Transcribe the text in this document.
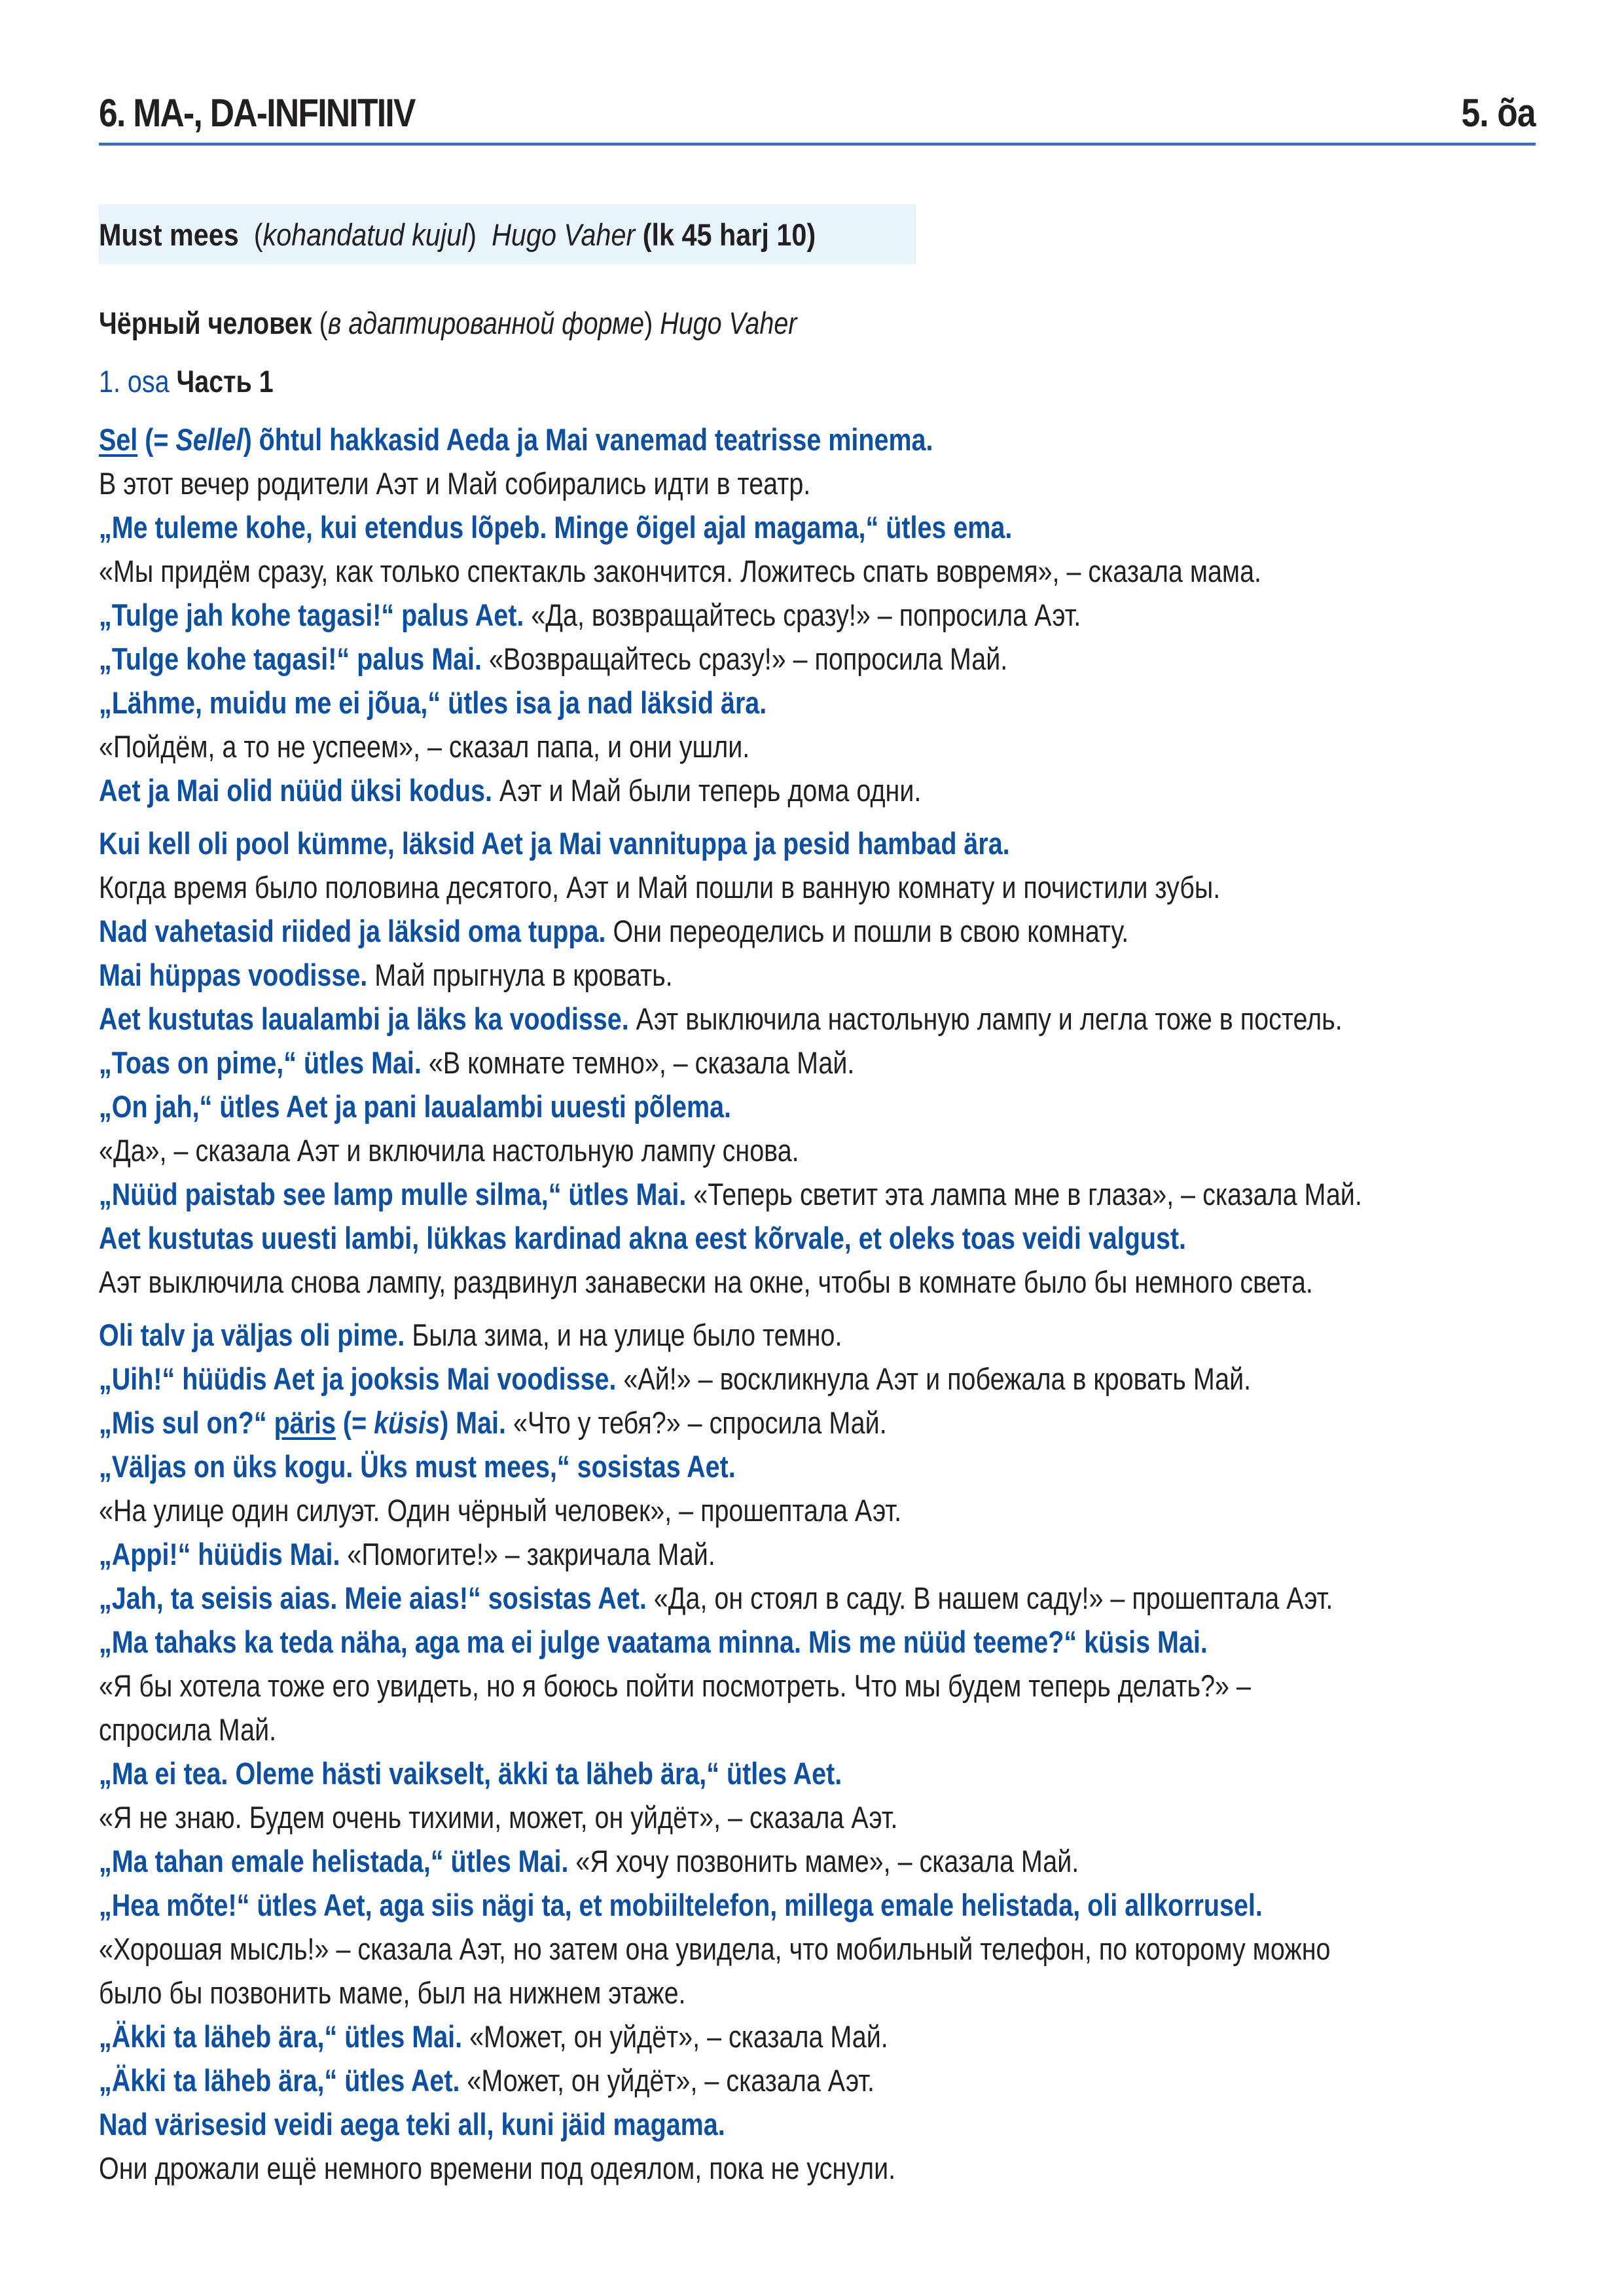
6. MA-, DA-INFINITIIV	5. õa
Must mees  (kohandatud kujul)  Hugo Vaher (lk 45 harj 10)
Чёрный человек (в адаптированной форме) Hugo Vaher
1. osa Часть 1
Sel (= Sellel) õhtul hakkasid Aeda ja Mai vanemad teatrisse minema.
В этот вечер родители Аэт и Май собирались идти в театр.
„Me tuleme kohe, kui etendus lõpeb. Minge õigel ajal magama,“ ütles ema.
«Мы придём сразу, как только спектакль закончится. Ложитесь спать вовремя», – сказала мама.
„Tulge jah kohe tagasi!“ palus Aet. «Да, возвращайтесь сразу!» – попросила Аэт.
„Tulge kohe tagasi!“ palus Mai. «Возвращайтесь сразу!» – попросила Май.
„Lähme, muidu me ei jõua,“ ütles isa ja nad läksid ära.
«Пойдём, а то не успеем», – сказал папа, и они ушли.
Aet ja Mai olid nüüd üksi kodus. Аэт и Май были теперь дома одни.
Kui kell oli pool kümme, läksid Aet ja Mai vannituppa ja pesid hambad ära.
Когда время было половина десятого, Аэт и Май пошли в ванную комнату и почистили зубы.
Nad vahetasid riided ja läksid oma tuppa. Они переоделись и пошли в свою комнату.
Mai hüppas voodisse. Май прыгнула в кровать.
Aet kustutas laualambi ja läks ka voodisse. Аэт выключила настольную лампу и легла тоже в постель.
„Toas on pime,“ ütles Mai. «В комнате темно», – сказала Май.
„On jah,“ ütles Aet ja pani laualambi uuesti põlema.
«Да», – сказала Аэт и включила настольную лампу снова.
„Nüüd paistab see lamp mulle silma,“ ütles Mai. «Теперь светит эта лампа мне в глаза», – сказала Май.
Aet kustutas uuesti lambi, lükkas kardinad akna eest kõrvale, et oleks toas veidi valgust.
Аэт выключила снова лампу, раздвинул занавески на окне, чтобы в комнате было бы немного света.
Oli talv ja väljas oli pime. Была зима, и на улице было темно.
„Uih!“ hüüdis Aet ja jooksis Mai voodisse. «Ай!» – воскликнула Аэт и побежала в кровать Май.
„Mis sul on?“ päris (= küsis) Mai. «Что у тебя?» – спросила Май.
„Väljas on üks kogu. Üks must mees,“ sosistas Aet.
«На улице один силуэт. Один чёрный человек», – прошептала Аэт.
„Appi!“ hüüdis Mai. «Помогите!» – закричала Май.
„Jah, ta seisis aias. Meie aias!“ sosistas Aet. «Да, он стоял в саду. В нашем саду!» – прошептала Аэт.
„Ma tahaks ka teda näha, aga ma ei julge vaatama minna. Mis me nüüd teeme?“ küsis Mai.
«Я бы хотела тоже его увидеть, но я боюсь пойти посмотреть. Что мы будем теперь делать?» –
спросила Май.
„Ma ei tea. Oleme hästi vaikselt, äkki ta läheb ära,“ ütles Aet.
«Я не знаю. Будем очень тихими, может, он уйдёт», – сказала Аэт.
„Ma tahan emale helistada,“ ütles Mai. «Я хочу позвонить маме», – сказала Май.
„Hea mõte!“ ütles Aet, aga siis nägi ta, et mobiiltelefon, millega emale helistada, oli allkorrusel.
«Хорошая мысль!» – сказала Аэт, но затем она увидела, что мобильный телефон, по которому можно
было бы позвонить маме, был на нижнем этаже.
„Äkki ta läheb ära,“ ütles Mai. «Может, он уйдёт», – сказала Май.
„Äkki ta läheb ära,“ ütles Aet. «Может, он уйдёт», – сказала Аэт.
Nad värisesid veidi aega teki all, kuni jäid magama.
Они дрожали ещё немного времени под одеялом, пока не уснули.
